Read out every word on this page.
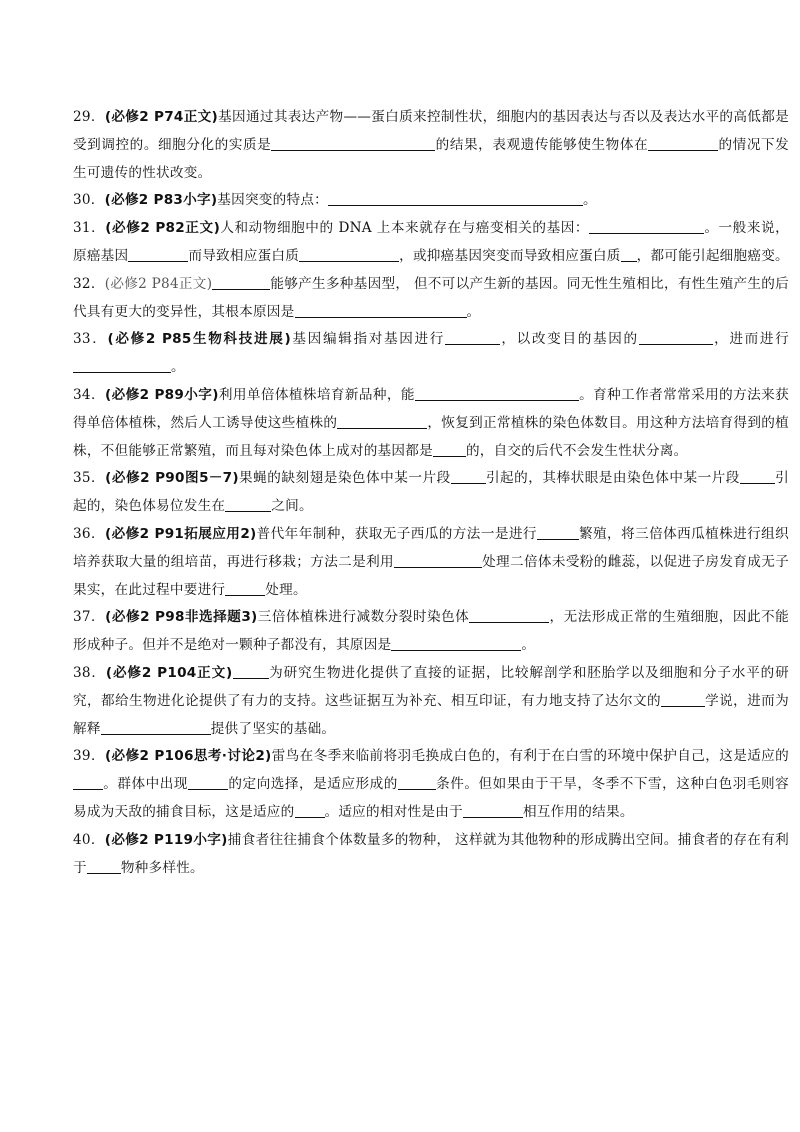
29．(必修2 P74正文)基因通过其表达产物——蛋白质来控制性状，细胞内的基因表达与否以及表达水平的高低都是受到调控的。细胞分化的实质是	的结果，表观遗传能够使生物体在	的情况下发生可遗传的性状改变。

30．(必修2 P83小字)基因突变的特点：	。

31．(必修2 P82正文)人和动物细胞中的 DNA 上本来就存在与癌变相关的基因：	。一般来说，原癌基因	而导致相应蛋白质	，或抑癌基因突变而导致相应蛋白质 ，都可能引起细胞癌变。

32．(必修2 P84正文)	能够产生多种基因型， 但不可以产生新的基因。同无性生殖相比，有性生殖产生的后代具有更大的变异性，其根本原因是	。

33．(必修2 P85生物科技进展)基因编辑指对基因进行	，以改变目的基因的	，进而进行。

34．(必修2 P89小字)利用单倍体植株培育新品种，能	。育种工作者常常采用的方法来获得单倍体植株，然后人工诱导使这些植株的	，恢复到正常植株的染色体数目。用这种方法培育得到的植株，不但能够正常繁殖，而且每对染色体上成对的基因都是 的，自交的后代不会发生性状分离。

35．(必修2 P90图5－7)果蝇的缺刻翅是染色体中某一片段	引起的，其棒状眼是由染色体中某一片段	引起的，染色体易位发生在	之间。

36．(必修2 P91拓展应用2)普代年年制种，获取无子西瓜的方法一是进行	繁殖，将三倍体西瓜植株进行组织培养获取大量的组培苗，再进行移栽；方法二是利用	处理二倍体未受粉的雌蕊，以促进子房发育成无子果实，在此过程中要进行	处理。

37．(必修2 P98非选择题3)三倍体植株进行减数分裂时染色体	，无法形成正常的生殖细胞，因此不能形成种子。但并不是绝对一颗种子都没有，其原因是	。

38．(必修2 P104正文)	为研究生物进化提供了直接的证据，比较解剖学和胚胎学以及细胞和分子水平的研究，都给生物进化论提供了有力的支持。这些证据互为补充、相互印证，有力地支持了达尔文的	学说，进而为解释	提供了坚实的基础。

39．(必修2 P106思考·讨论2)雷鸟在冬季来临前将羽毛换成白色的，有利于在白雪的环境中保护自己，这是适应的。群体中出现	的定向选择，是适应形成的	条件。但如果由于干旱，冬季不下雪，这种白色羽毛则容易成为天敌的捕食目标，这是适应的 。适应的相对性是由于	相互作用的结果。

40．(必修2 P119小字)捕食者往往捕食个体数量多的物种， 这样就为其他物种的形成腾出空间。捕食者的存在有利于	物种多样性。
